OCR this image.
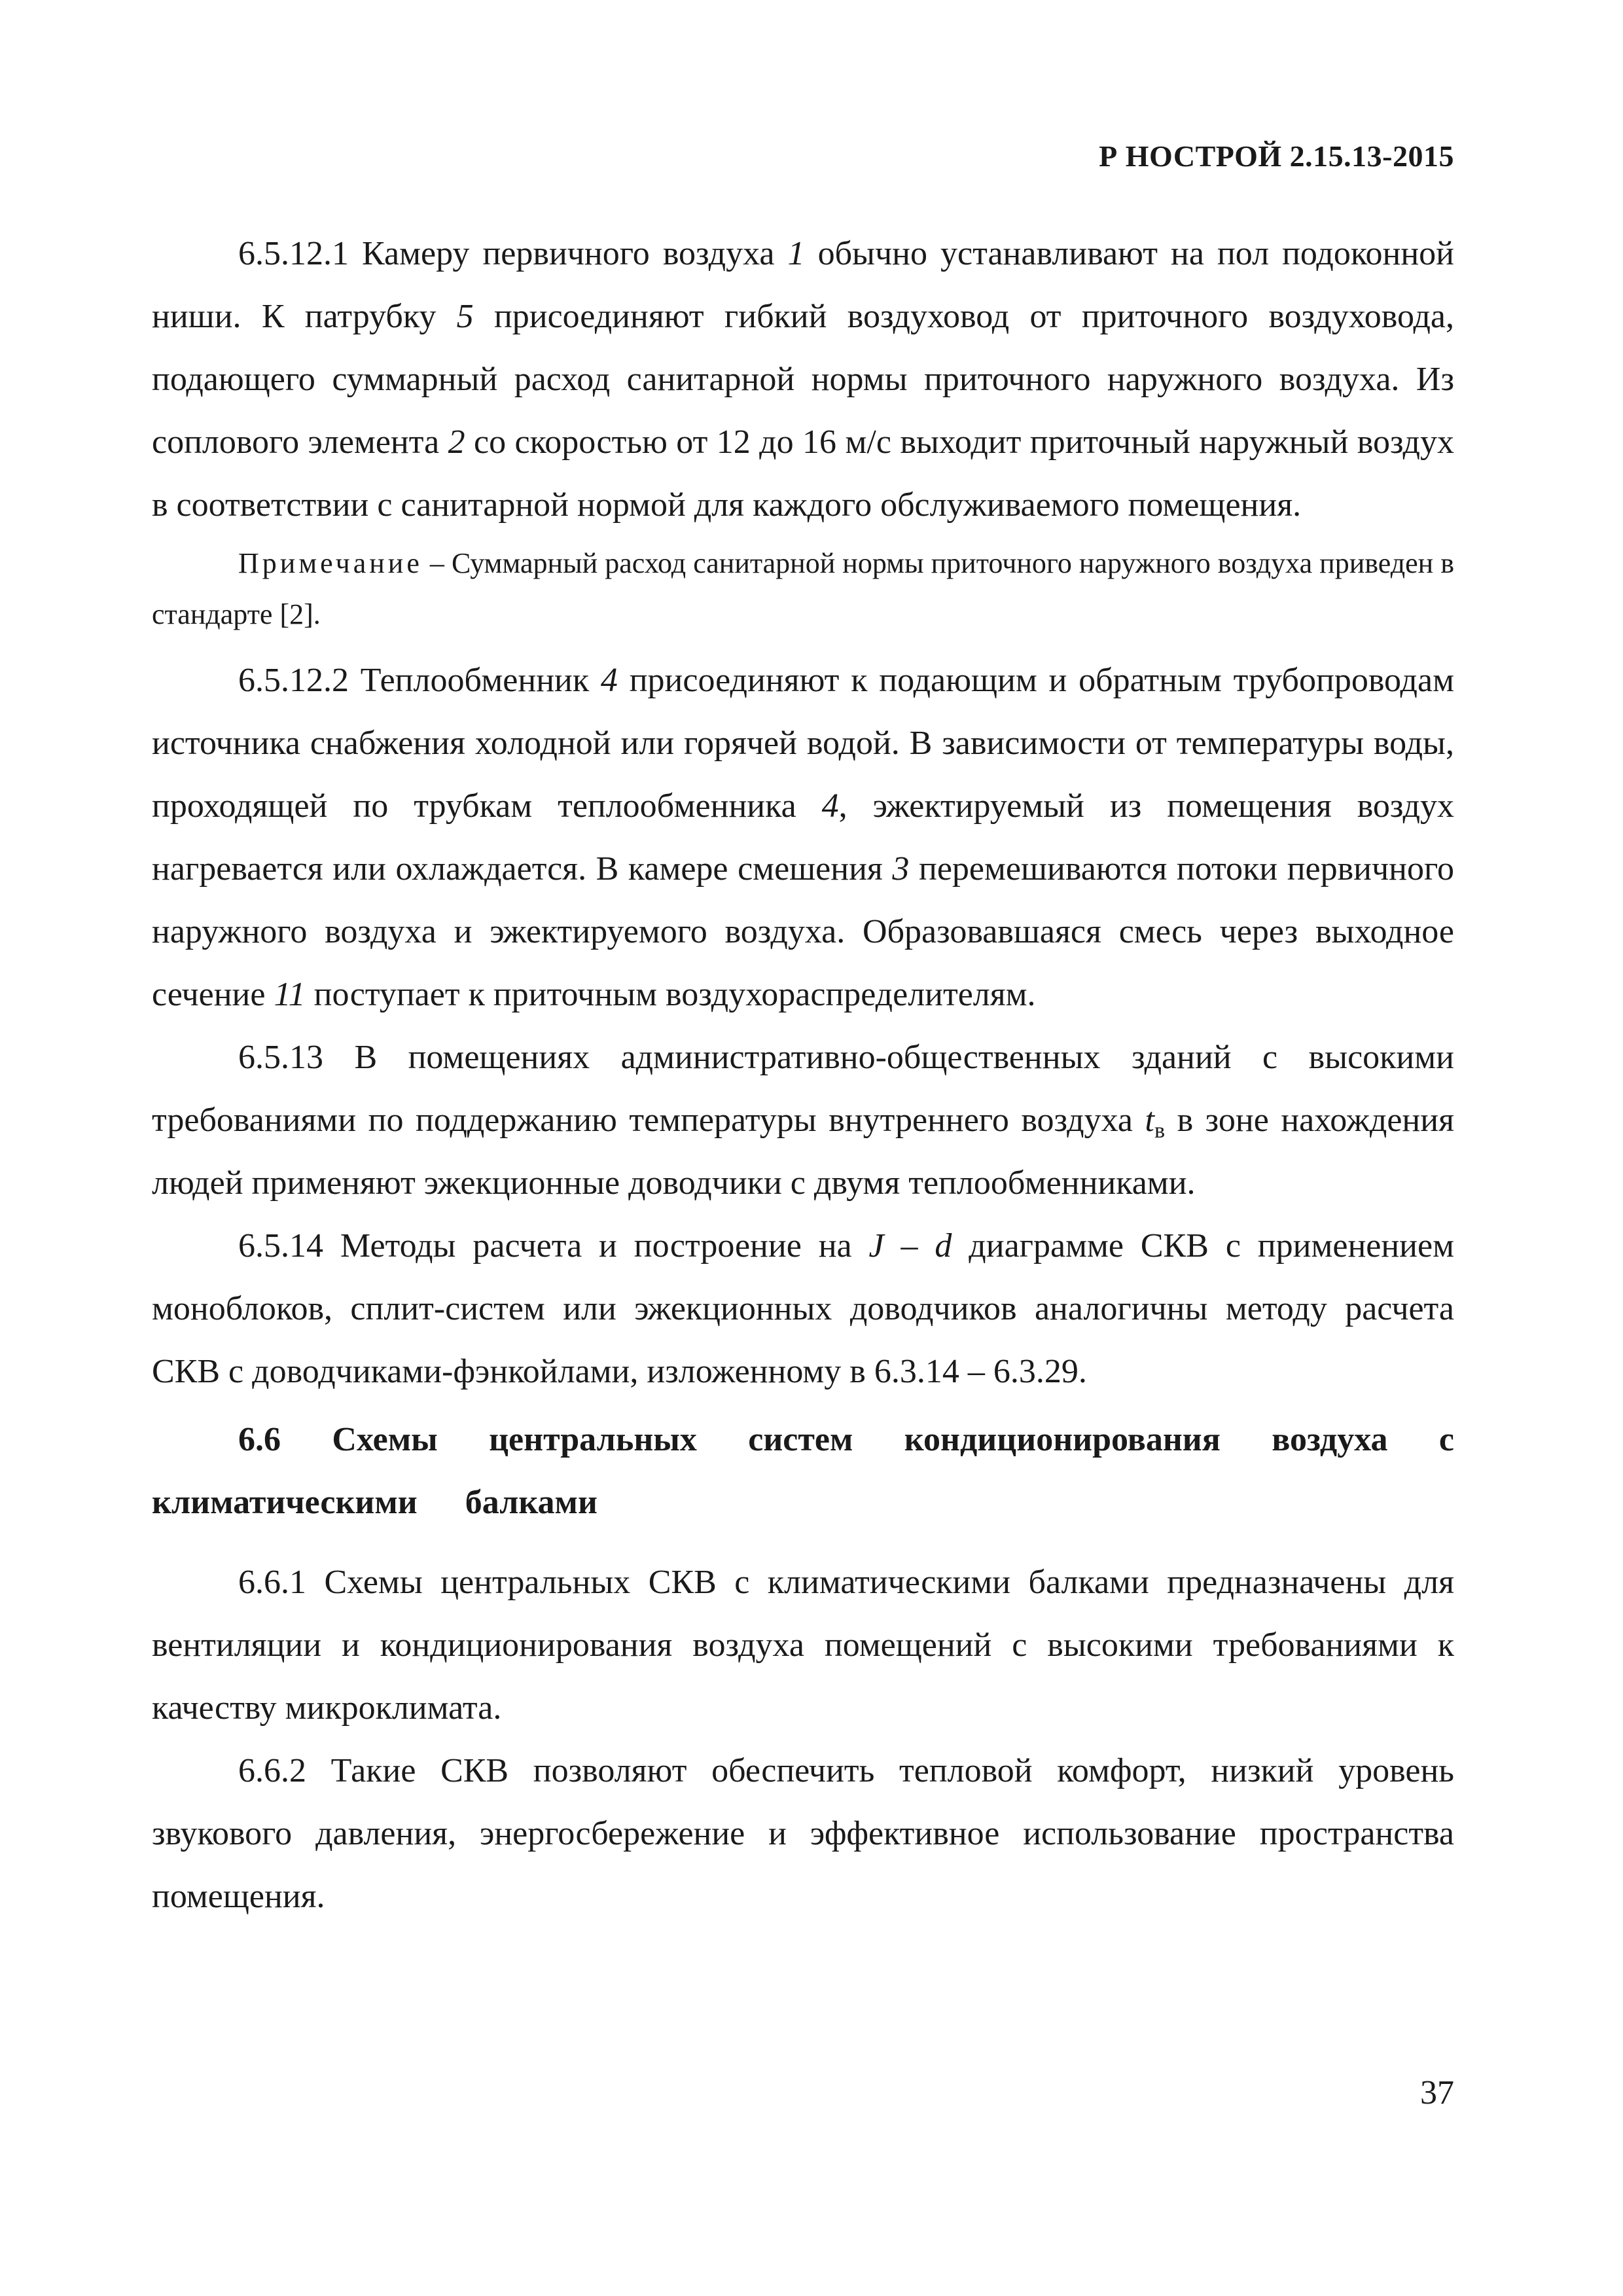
Р НОСТРОЙ 2.15.13-2015

6.5.12.1 Камеру первичного воздуха 1 обычно устанавливают на пол подоконной ниши. К патрубку 5 присоединяют гибкий воздуховод от приточного воздуховода, подающего суммарный расход санитарной нормы приточного наружного воздуха. Из соплового элемента 2 со скоростью от 12 до 16 м/с выходит приточный наружный воздух в соответствии с санитарной нормой для каждого обслуживаемого помещения.

Примечание – Суммарный расход санитарной нормы приточного наружного воздуха приведен в стандарте [2].

6.5.12.2 Теплообменник 4 присоединяют к подающим и обратным трубопроводам источника снабжения холодной или горячей водой. В зависимости от температуры воды, проходящей по трубкам теплообменника 4, эжектируемый из помещения воздух нагревается или охлаждается. В камере смешения 3 перемешиваются потоки первичного наружного воздуха и эжектируемого воздуха. Образовавшаяся смесь через выходное сечение 11 поступает к приточным воздухораспределителям.

6.5.13 В помещениях административно-общественных зданий с высокими требованиями по поддержанию температуры внутреннего воздуха $t_в$ в зоне нахождения людей применяют эжекционные доводчики с двумя теплообменниками.

6.5.14 Методы расчета и построение на J – d диаграмме СКВ с применением моноблоков, сплит-систем или эжекционных доводчиков аналогичны методу расчета СКВ с доводчиками-фэнкойлами, изложенному в 6.3.14 – 6.3.29.

6.6 Схемы центральных систем кондиционирования воздуха с климатическими балками

6.6.1 Схемы центральных СКВ с климатическими балками предназначены для вентиляции и кондиционирования воздуха помещений с высокими требованиями к качеству микроклимата.

6.6.2 Такие СКВ позволяют обеспечить тепловой комфорт, низкий уровень звукового давления, энергосбережение и эффективное использование пространства помещения.

37
